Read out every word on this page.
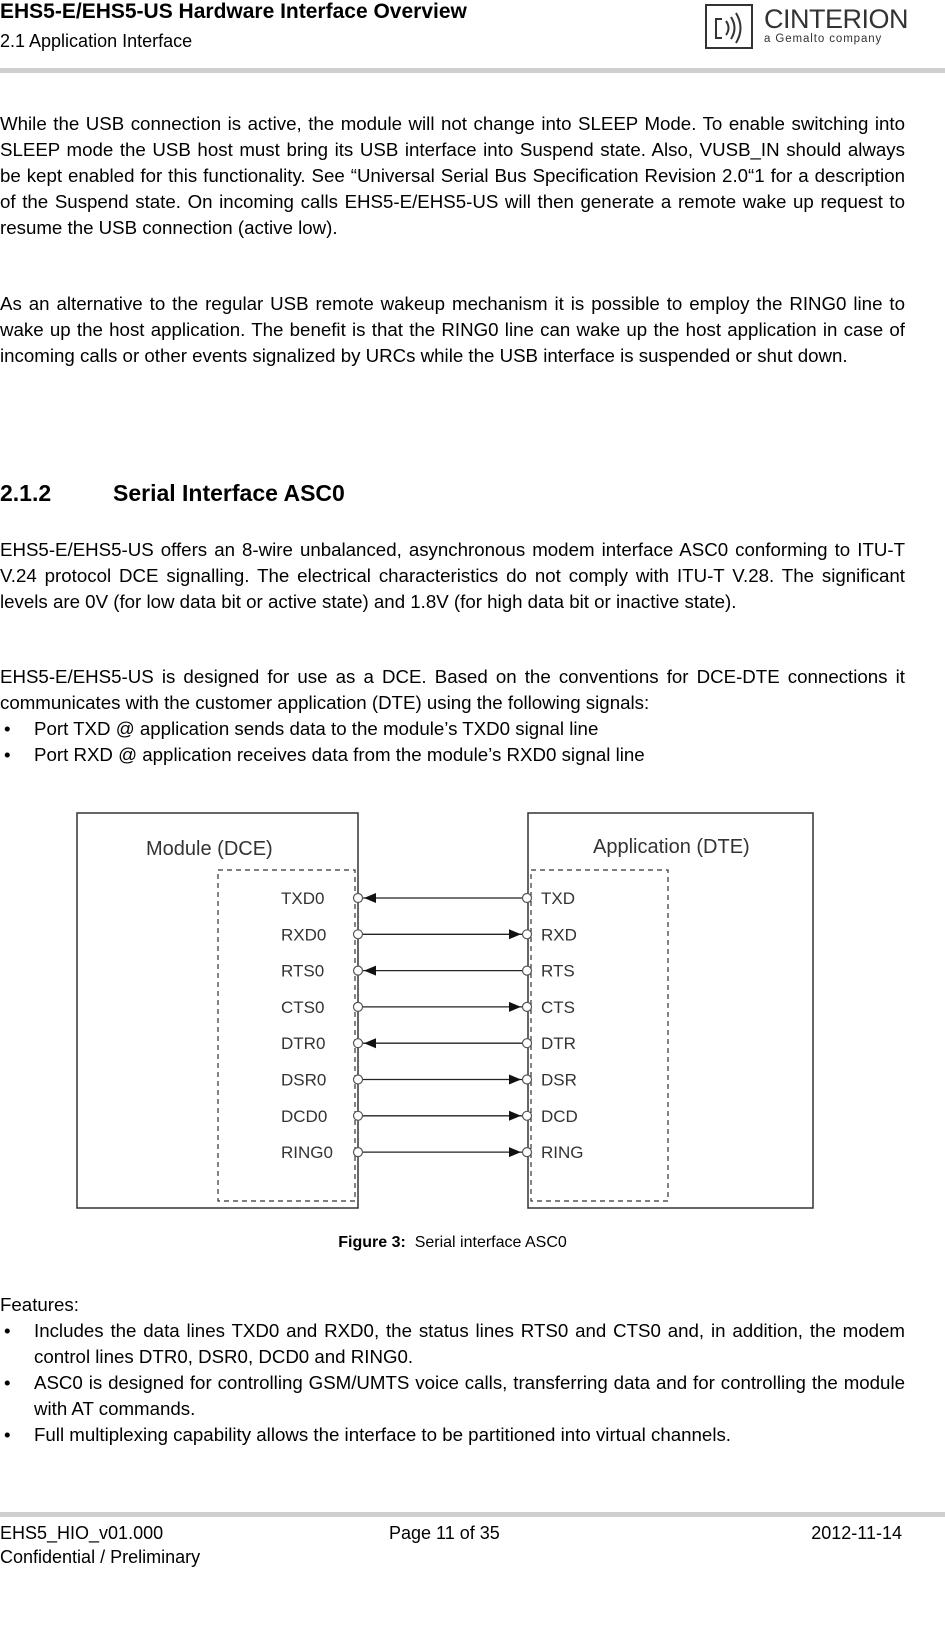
EHS5-E/EHS5-US Hardware Interface Overview
2.1 Application Interface
CINTERION
a Gemalto company
While the USB connection is active, the module will not change into SLEEP Mode. To enable switching into SLEEP mode the USB host must bring its USB interface into Suspend state. Also, VUSB_IN should always be kept enabled for this functionality. See “Universal Serial Bus Specification Revision 2.0“1 for a description of the Suspend state. On incoming calls EHS5-E/EHS5-US will then generate a remote wake up request to resume the USB connection (active low).
As an alternative to the regular USB remote wakeup mechanism it is possible to employ the RING0 line to wake up the host application. The benefit is that the RING0 line can wake up the host application in case of incoming calls or other events signalized by URCs while the USB interface is suspended or shut down.
2.1.2	Serial Interface ASC0
EHS5-E/EHS5-US offers an 8-wire unbalanced, asynchronous modem interface ASC0 conforming to ITU-T V.24 protocol DCE signalling. The electrical characteristics do not comply with ITU-T V.28. The significant levels are 0V (for low data bit or active state) and 1.8V (for high data bit or inactive state).
EHS5-E/EHS5-US is designed for use as a DCE. Based on the conventions for DCE-DTE connections it communicates with the customer application (DTE) using the following signals:
• Port TXD @ application sends data to the module’s TXD0 signal line
• Port RXD @ application receives data from the module’s RXD0 signal line
Module (DCE)	Application (DTE)
TXD0	TXD
RXD0	RXD
RTS0	RTS
CTS0	CTS
DTR0	DTR
DSR0	DSR
DCD0	DCD
RING0	RING
Figure 3: Serial interface ASC0
Features:
• Includes the data lines TXD0 and RXD0, the status lines RTS0 and CTS0 and, in addition, the modem control lines DTR0, DSR0, DCD0 and RING0.
• ASC0 is designed for controlling GSM/UMTS voice calls, transferring data and for controlling the module with AT commands.
• Full multiplexing capability allows the interface to be partitioned into virtual channels.
EHS5_HIO_v01.000
Confidential / Preliminary
Page 11 of 35	2012-11-14
